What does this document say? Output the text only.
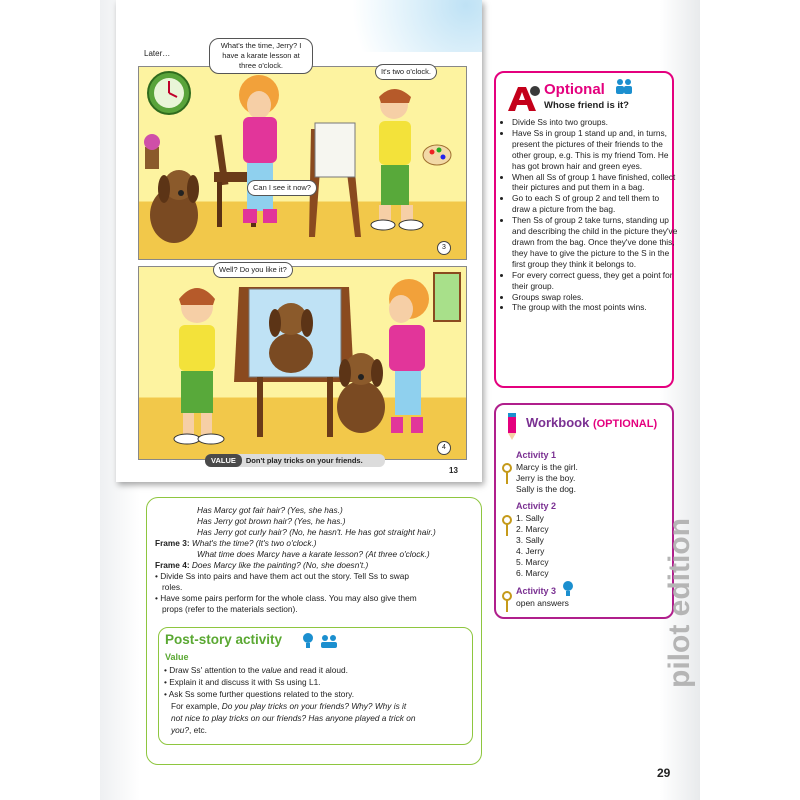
Later…
What's the time, Jerry? I have a karate lesson at three o'clock.
It's two o'clock.
Can I see it now?
Well? Do you like it?
3
4
VALUE Don't play tricks on your friends.
13
Optional
Whose friend is it?
• Divide Ss into two groups.
• Have Ss in group 1 stand up and, in turns, present the pictures of their friends to the other group, e.g. This is my friend Tom. He has got brown hair and green eyes.
• When all Ss of group 1 have finished, collect their pictures and put them in a bag.
• Go to each S of group 2 and tell them to draw a picture from the bag.
• Then Ss of group 2 take turns, standing up and describing the child in the picture they've drawn from the bag. Once they've done this, they have to give the picture to the S in the first group they think it belongs to.
• For every correct guess, they get a point for their group.
• Groups swap roles.
• The group with the most points wins.
Workbook (OPTIONAL)
Activity 1
Marcy is the girl.
Jerry is the boy.
Sally is the dog.
Activity 2
1. Sally
2. Marcy
3. Sally
4. Jerry
5. Marcy
6. Marcy
Activity 3
open answers
Has Marcy got fair hair? (Yes, she has.)
Has Jerry got brown hair? (Yes, he has.)
Has Jerry got curly hair? (No, he hasn't. He has got straight hair.)
Frame 3: What's the time? (It's two o'clock.)
What time does Marcy have a karate lesson? (At three o'clock.)
Frame 4: Does Marcy like the painting? (No, she doesn't.)
• Divide Ss into pairs and have them act out the story. Tell Ss to swap
roles.
• Have some pairs perform for the whole class. You may also give them
props (refer to the materials section).
Post-story activity
Value
• Draw Ss' attention to the value and read it aloud.
• Explain it and discuss it with Ss using L1.
• Ask Ss some further questions related to the story.
For example, Do you play tricks on your friends? Why? Why is it
not nice to play tricks on our friends? Has anyone played a trick on
you?, etc.
pilot edition
29
